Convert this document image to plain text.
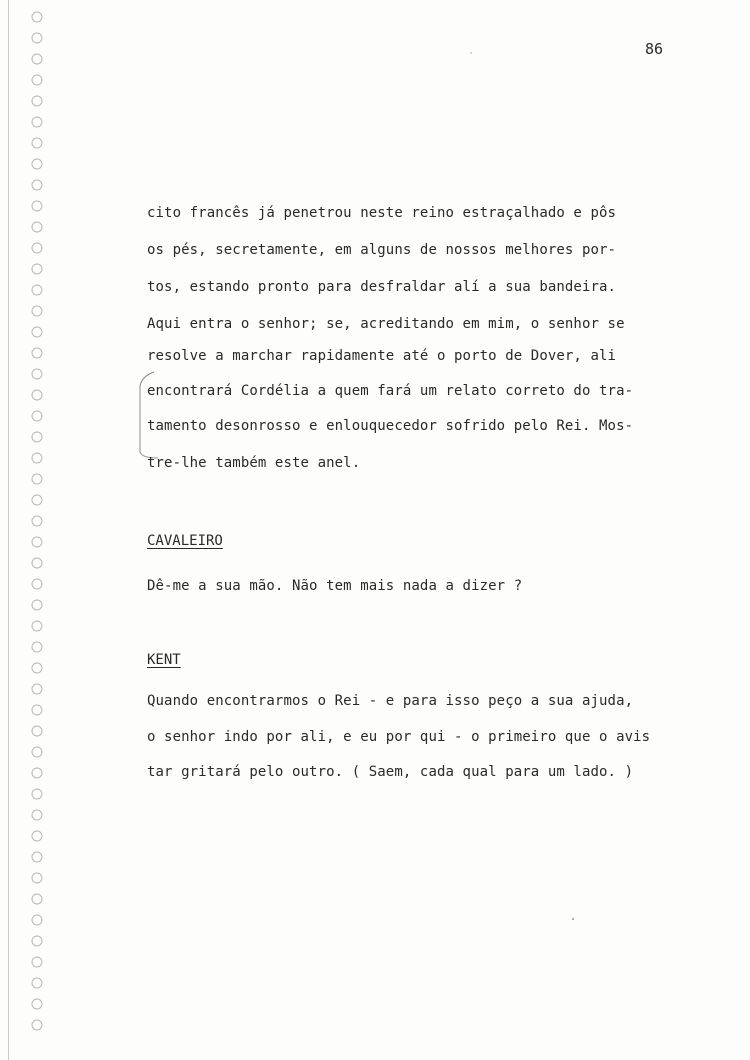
86
cito francês já penetrou neste reino estraçalhado e pôs
os pés, secretamente, em alguns de nossos melhores por-
tos, estando pronto para desfraldar alí a sua bandeira.
Aqui entra o senhor; se, acreditando em mim, o senhor se
resolve a marchar rapidamente até o porto de Dover, ali
encontrará Cordélia a quem fará um relato correto do tra-
tamento desonrosso e enlouquecedor sofrido pelo Rei. Mos-
tre-lhe também este anel.
CAVALEIRO
Dê-me a sua mão. Não tem mais nada a dizer ?
KENT
Quando encontrarmos o Rei - e para isso peço a sua ajuda,
o senhor indo por ali, e eu por qui - o primeiro que o avis
tar gritará pelo outro. ( Saem, cada qual para um lado. )
